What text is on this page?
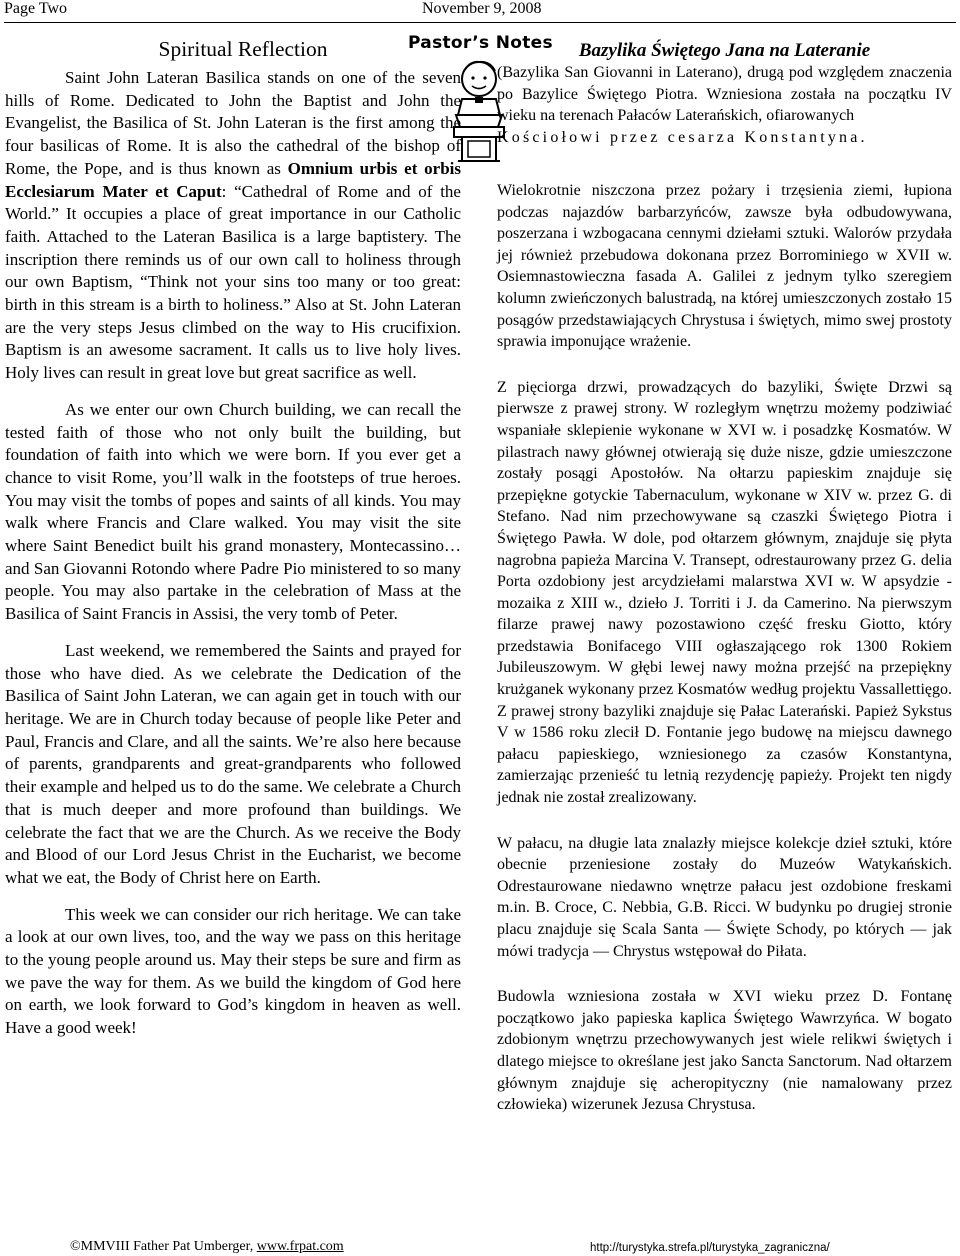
Page Two	November 9, 2008
Spiritual Reflection

Saint John Lateran Basilica stands on one of the seven hills of Rome. Dedicated to John the Baptist and John the Evangelist, the Basilica of St. John Lateran is the first among the four basilicas of Rome. It is also the cathedral of the bishop of Rome, the Pope, and is thus known as Omnium urbis et orbis Ecclesiarum Mater et Caput: “Cathedral of Rome and of the World.” It occupies a place of great importance in our Catholic faith. Attached to the Lateran Basilica is a large baptistery. The inscription there reminds us of our own call to holiness through our own Baptism, “Think not your sins too many or too great: birth in this stream is a birth to holiness.” Also at St. John Lateran are the very steps Jesus climbed on the way to His crucifixion. Baptism is an awesome sacrament. It calls us to live holy lives. Holy lives can result in great love but great sacrifice as well.

As we enter our own Church building, we can recall the tested faith of those who not only built the building, but foundation of faith into which we were born. If you ever get a chance to visit Rome, you’ll walk in the footsteps of true heroes. You may visit the tombs of popes and saints of all kinds. You may walk where Francis and Clare walked. You may visit the site where Saint Benedict built his grand monastery, Montecassino… and San Giovanni Rotondo where Padre Pio ministered to so many people. You may also partake in the celebration of Mass at the Basilica of Saint Francis in Assisi, the very tomb of Peter.

Last weekend, we remembered the Saints and prayed for those who have died. As we celebrate the Dedication of the Basilica of Saint John Lateran, we can again get in touch with our heritage. We are in Church today because of people like Peter and Paul, Francis and Clare, and all the saints. We’re also here because of parents, grandparents and great-grandparents who followed their example and helped us to do the same. We celebrate a Church that is much deeper and more profound than buildings. We celebrate the fact that we are the Church. As we receive the Body and Blood of our Lord Jesus Christ in the Eucharist, we become what we eat, the Body of Christ here on Earth.

This week we can consider our rich heritage. We can take a look at our own lives, too, and the way we pass on this heritage to the young people around us. May their steps be sure and firm as we pave the way for them. As we build the kingdom of God here on earth, we look forward to God’s kingdom in heaven as well. Have a good week!

Pastor’s Notes	Bazylika Świętego Jana na Lateranie
(Bazylika San Giovanni in Laterano), drugą pod względem znaczenia po Bazylice Świętego Piotra. Wzniesiona została na początku IV wieku na terenach Pałaców Laterańskich, ofiarowanych
Kościołowi przez cesarza Konstantyna.

Wielokrotnie niszczona przez pożary i trzęsienia ziemi, łupiona podczas najazdów barbarzyńców, zawsze była odbudowywana, poszerzana i wzbogacana cennymi dziełami sztuki. Walorów przydała jej również przebudowa dokonana przez Borrominiego w XVII w. Osiemnastowieczna fasada A. Galilei z jednym tylko szeregiem kolumn zwieńczonych balustradą, na której umieszczonych zostało 15 posągów przedstawiających Chrystusa i świętych, mimo swej prostoty sprawia imponujące wrażenie.

Z pięciorga drzwi, prowadzących do bazyliki, Święte Drzwi są pierwsze z prawej strony. W rozległym wnętrzu możemy podziwiać wspaniałe sklepienie wykonane w XVI w. i posadzkę Kosmatów. W pilastrach nawy głównej otwierają się duże nisze, gdzie umieszczone zostały posągi Apostołów. Na ołtarzu papieskim znajduje się przepiękne gotyckie Tabernaculum, wykonane w XIV w. przez G. di Stefano. Nad nim przechowywane są czaszki Świętego Piotra i Świętego Pawła. W dole, pod ołtarzem głównym, znajduje się płyta nagrobna papieża Marcina V. Transept, odrestaurowany przez G. delia Porta ozdobiony jest arcydziełami malarstwa XVI w. W apsydzie - mozaika z XIII w., dzieło J. Torriti i J. da Camerino. Na pierwszym filarze prawej nawy pozostawiono część fresku Giotto, który przedstawia Bonifacego VIII ogłaszającego rok 1300 Rokiem Jubileuszowym. W głębi lewej nawy można przejść na przepiękny krużganek wykonany przez Kosmatów według projektu Vassallettięgo. Z prawej strony bazyliki znajduje się Pałac Laterański. Papież Sykstus V w 1586 roku zlecił D. Fontanie jego budowę na miejscu dawnego pałacu papieskiego, wzniesionego za czasów Konstantyna, zamierzając przenieść tu letnią rezydencję papieży. Projekt ten nigdy jednak nie został zrealizowany.

W pałacu, na długie lata znalazły miejsce kolekcje dzieł sztuki, które obecnie przeniesione zostały do Muzeów Watykańskich. Odrestaurowane niedawno wnętrze pałacu jest ozdobione freskami m.in. B. Croce, C. Nebbia, G.B. Ricci. W budynku po drugiej stronie placu znajduje się Scala Santa — Święte Schody, po których — jak mówi tradycja — Chrystus wstępował do Piłata.

Budowla wzniesiona została w XVI wieku przez D. Fontanę początkowo jako papieska kaplica Świętego Wawrzyńca. W bogato zdobionym wnętrzu przechowywanych jest wiele relikwi świętych i dlatego miejsce to określane jest jako Sancta Sanctorum. Nad ołtarzem głównym znajduje się acheropityczny (nie namalowany przez człowieka) wizerunek Jezusa Chrystusa.

©MMVIII Father Pat Umberger, www.frpat.com	http://turystyka.strefa.pl/turystyka_zagraniczna/
